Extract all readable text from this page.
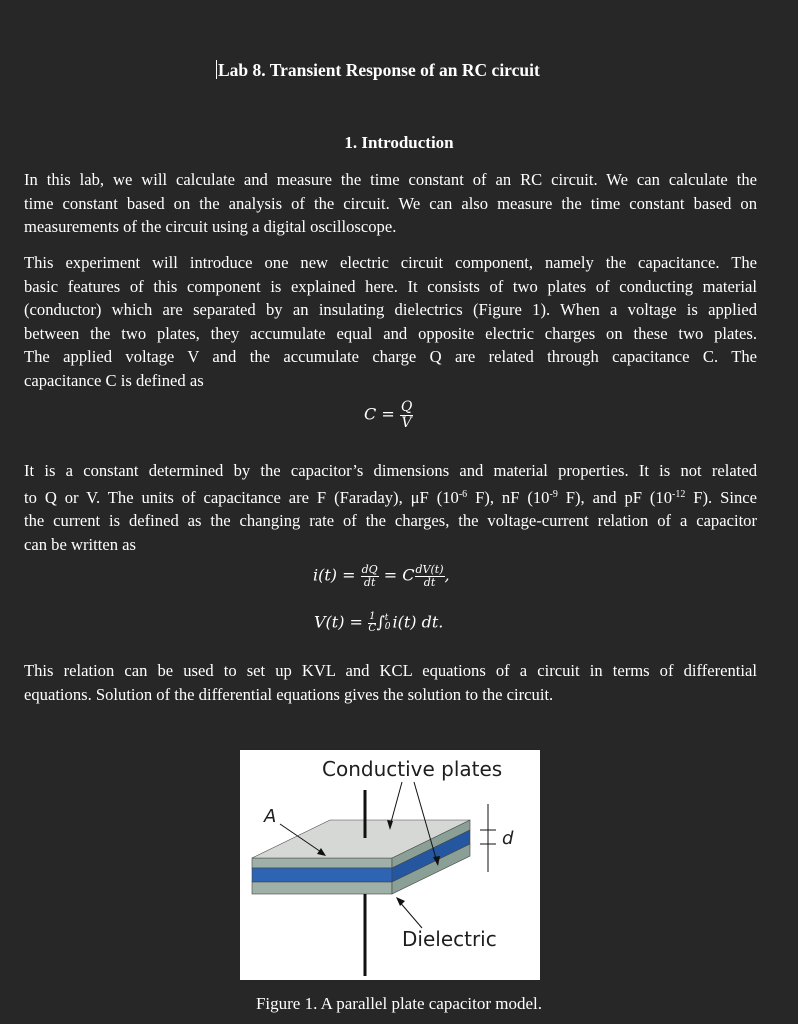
Lab 8. Transient Response of an RC circuit
1. Introduction
In this lab, we will calculate and measure the time constant of an RC circuit. We can calculate the
time constant based on the analysis of the circuit. We can also measure the time constant based on
measurements of the circuit using a digital oscilloscope.
This experiment will introduce one new electric circuit component, namely the capacitance. The
basic features of this component is explained here. It consists of two plates of conducting material
(conductor) which are separated by an insulating dielectrics (Figure 1). When a voltage is applied
between the two plates, they accumulate equal and opposite electric charges on these two plates.
The applied voltage V and the accumulate charge Q are related through capacitance C. The
capacitance C is defined as
$C = \frac{Q}{V}$
It is a constant determined by the capacitor’s dimensions and material properties. It is not related
to Q or V. The units of capacitance are F (Faraday), μF ($10^{-6}$ F), nF ($10^{-9}$ F), and pF ($10^{-12}$ F). Since
the current is defined as the changing rate of the charges, the voltage-current relation of a capacitor
can be written as
$i(t) = \frac{dQ}{dt} = C \frac{dV(t)}{dt}$ ,
$V(t) = \frac{1}{C}$ ∫ t
0 i(t) dt.
This relation can be used to set up KVL and KCL equations of a circuit in terms of differential
equations. Solution of the differential equations gives the solution to the circuit.
Conductive plates
A
d
Dielectric
Figure 1. A parallel plate capacitor model.
